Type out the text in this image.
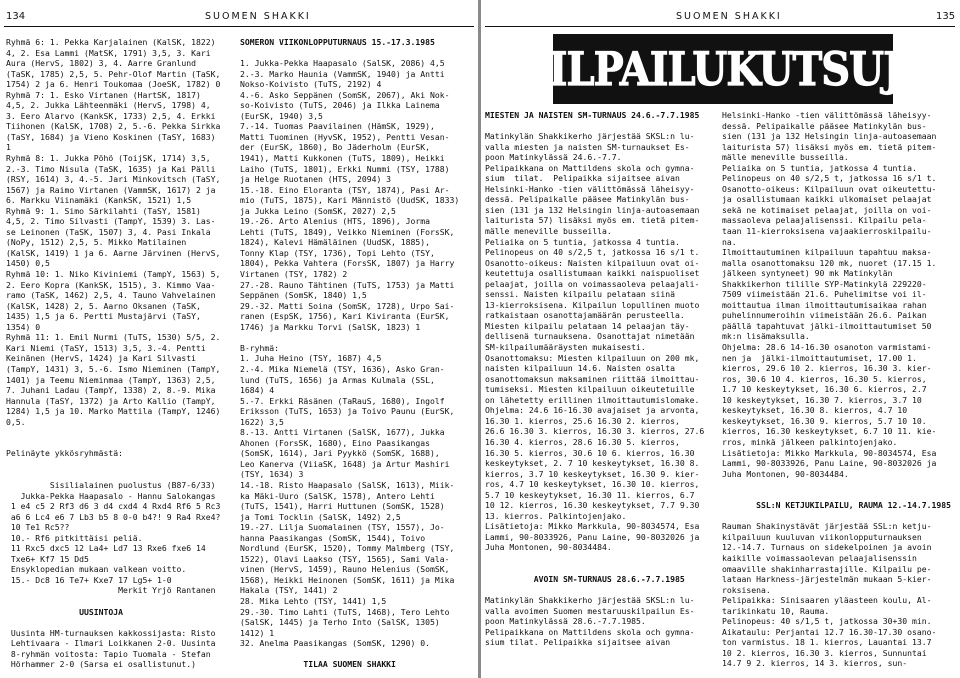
134	SUOMEN SHAKKI
Ryhmä 6: 1. Pekka Karjalainen (KalSK, 1822)
4, 2. Esa Lammi (MatSK, 1791) 3,5, 3. Kari
Aura (HervS, 1802) 3, 4. Aarre Granlund
(TaSK, 1785) 2,5, 5. Pehr-Olof Martin (TaSK,
1754) 2 ja 6. Henri Toukomaa (JoeSK, 1782) 0
Ryhmä 7: 1. Esko Virtanen (HartSK, 1817)
4,5, 2. Jukka Lähteenmäki (HervS, 1798) 4,
3. Eero Alarvo (KankSK, 1733) 2,5, 4. Erkki
Tiihonen (KalSK, 1708) 2, 5.-6. Pekka Sirkka
(TaSY, 1684) ja Vieno Koskinen (TaSY, 1683)
1
Ryhmä 8: 1. Jukka Pöhö (ToijSK, 1714) 3,5,
2.-3. Timo Nisula (TaSK, 1635) ja Kai Pälli
(RSY, 1614) 3, 4.-5. Jari Minkovitsch (TaSY,
1567) ja Raimo Virtanen (VammSK, 1617) 2 ja
6. Markku Viinamäki (KankSK, 1521) 1,5
Ryhmä 9: 1. Simo Särkilahti (TaSY, 1581)
4,5, 2. Timo Silvasti (TampY, 1539) 3. Las-
se Leinonen (TaSK, 1507) 3, 4. Pasi Inkala
(NoPy, 1512) 2,5, 5. Mikko Matilainen
(KalSK, 1419) 1 ja 6. Aarne Järvinen (HervS,
1450) 0,5
Ryhmä 10: 1. Niko Kiviniemi (TampY, 1563) 5,
2. Eero Kopra (KankSK, 1515), 3. Kimmo Vaa-
ramo (TaSK, 1462) 2,5, 4. Tauno Vahvelainen
(KalSK, 1428) 2, 5. Aarno Oksanen (TaSK,
1435) 1,5 ja 6. Pertti Mustajärvi (TaSY,
1354) 0
Ryhmä 11: 1. Emil Nurmi (TuTS, 1530) 5/5, 2.
Kari Niemi (TaSY, 1513) 3,5, 3.-4. Pentti
Keinänen (HervS, 1424) ja Kari Silvasti
(TampY, 1431) 3, 5.-6. Ismo Nieminen (TampY,
1401) ja Teemu Nieminmaa (TampY, 1363) 2,5,
7. Juhani Ladau (TampY, 1338) 2, 8.-9. Mika
Hannula (TaSY, 1372) ja Arto Kallio (TampY,
1284) 1,5 ja 10. Marko Mattila (TampY, 1246)
0,5.
Pelinäyte ykkösryhmästä:
Sisilialainen puolustus (B87-6/33)
Jukka-Pekka Haapasalo - Hannu Salokangas
1 e4 c5 2 Rf3 d6 3 d4 cxd4 4 Rxd4 Rf6 5 Rc3
a6 6 Lc4 e6 7 Lb3 b5 8 0-0 b4?! 9 Ra4 Rxe4?
10 Te1 Rc5??
10.- Rf6 pitkittäisi peliä.
11 Rxc5 dxc5 12 La4+ Ld7 13 Rxe6 fxe6 14
Txe6+ Kf7 15 Dd5
Ensyklopedian mukaan valkean voitto.
15.- Dc8 16 Te7+ Kxe7 17 Lg5+ 1-0
Merkit Yrjö Rantanen
UUSINTOJA
Uusinta HM-turnauksen kakkossijasta: Risto
Lehtivaara - Ilmari Loikkanen 2-0. Uusinta
8-ryhmän voitosta: Tapio Tuomala - Stefan
Hörhammer 2-0 (Sarsa ei osallistunut.)
SOMERON VIIKONLOPPUTURNAUS 15.-17.3.1985
1. Jukka-Pekka Haapasalo (SalSK, 2086) 4,5
2.-3. Marko Haunia (VammSK, 1940) ja Antti
Nokso-Koivisto (TuTS, 2192) 4
4.-6. Asko Seppänen (SomSK, 2067), Aki Nok-
so-Koivisto (TuTS, 2046) ja Ilkka Lainema
(EurSK, 1940) 3,5
7.-14. Tuomas Paavilainen (HämSK, 1929),
Matti Tuominen (HyvSK, 1952), Pentti Vesan-
der (EurSK, 1860), Bo Jäderholm (EurSK,
1941), Matti Kukkonen (TuTS, 1809), Heikki
Laiho (TuTS, 1801), Erkki Nummi (TSY, 1788)
ja Helge Ruotanen (HTS, 2094) 3
15.-18. Eino Eloranta (TSY, 1874), Pasi Ar-
mio (TuTS, 1875), Kari Männistö (UudSK, 1833)
ja Jukka Leino (SomSK, 2027) 2,5
19.-26. Arto Alenius (HTS, 1896), Jorma
Lehti (TuTS, 1849), Veikko Nieminen (ForsSK,
1824), Kalevi Hämäläinen (UudSK, 1885),
Tonny Klap (TSY, 1736), Topi Lehto (TSY,
1804), Pekka Vahtera (ForsSK, 1807) ja Harry
Virtanen (TSY, 1782) 2
27.-28. Rauno Tähtinen (TuTS, 1753) ja Matti
Seppänen (SomSK, 1840) 1,5
29.-32. Matti Soina (SomSK, 1728), Urpo Sai-
ranen (EspSK, 1756), Kari Kiviranta (EurSK,
1746) ja Markku Torvi (SalSK, 1823) 1
B-ryhmä:
1. Juha Heino (TSY, 1687) 4,5
2.-4. Mika Niemelä (TSY, 1636), Asko Gran-
lund (TuTS, 1656) ja Armas Kulmala (SSL,
1684) 4
5.-7. Erkki Räsänen (TaRauS, 1680), Ingolf
Eriksson (TuTS, 1653) ja Toivo Paunu (EurSK,
1622) 3,5
8.-13. Antti Virtanen (SalSK, 1677), Jukka
Ahonen (ForsSK, 1680), Eino Paasikangas
(SomSK, 1614), Jari Pyykkö (SomSK, 1688),
Leo Kanerva (ViiaSK, 1648) ja Artur Mashiri
(TSY, 1634) 3
14.-18. Risto Haapasalo (SalSK, 1613), Miik-
ka Mäki-Uuro (SalSK, 1578), Antero Lehti
(TuTS, 1541), Harri Huttunen (SomSK, 1528)
ja Tomi Tocklin (SalSK, 1492) 2,5
19.-27. Lilja Suomalainen (TSY, 1557), Jo-
hanna Paasikangas (SomSK, 1544), Toivo
Nordlund (EurSK, 1520), Tommy Malmberg (TSY,
1522), Olavi Laakso (TSY, 1565), Sami Vala-
vinen (HervS, 1459), Rauno Helenius (SomSK,
1568), Heikki Heinonen (SomSK, 1611) ja Mika
Hakala (TSY, 1441) 2
28. Mika Lehto (TSY, 1441) 1,5
29.-30. Timo Lahti (TuTS, 1468), Tero Lehto
(SalSK, 1445) ja Terho Into (SalSK, 1305)
1412) 1
32. Anelma Paasikangas (SomSK, 1290) 0.
TILAA SUOMEN SHAKKI
SUOMEN SHAKKI	135
KILPAILUKUTSUJA
MIESTEN JA NAISTEN SM-TURNAUS 24.6.-7.7.1985
Matinkylän Shakkikerho järjestää SKSL:n lu-
valla miesten ja naisten SM-turnaukset Es-
poon Matinkylässä 24.6.-7.7.
Pelipaikkana on Mattildens skola och gymna-
sium  tilat.  Pelipaikka sijaitsee aivan
Helsinki-Hanko -tien välittömässä läheisyy-
dessä. Pelipaikalle pääsee Matinkylän bus-
sien (131 ja 132 Helsingin linja-autoasemaan
laiturista 57) lisäksi myös em. tietä pitem-
mälle meneville busseilla.
Peliaika on 5 tuntia, jatkossa 4 tuntia.
Pelinopeus on 40 s/2,5 t, jatkossa 16 s/1 t.
Osanotto-oikeus: Naisten kilpailuun ovat oi-
keutettuja osallistumaan kaikki naispuoliset
pelaajat, joilla on voimassaoleva pelaajali-
senssi. Naisten kilpailu pelataan siinä
13-kierroksisena. Kilpailun lopullinen muoto
ratkaistaan osanottajamäärän perusteella.
Miesten kilpailu pelataan 14 pelaajan täy-
dellisenä turnauksena. Osanottajat nimetään
SM-kilpailumääräysten mukaisesti.
Osanottomaksu: Miesten kilpailuun on 200 mk,
naisten kilpailuun 14.6. Naisten osalta
osanottomaksun maksaminen riittää ilmoittau-
tumiseksi. Miesten kilpailuun oikeutetuille
on lähetetty erillinen ilmoittautumislomake.
Ohjelma: 24.6 16-16.30 avajaiset ja arvonta,
16.30 1. kierros, 25.6 16.30 2. kierros,
26.6 16.30 3. kierros, 16.30 3. kierros, 27.6
16.30 4. kierros, 28.6 16.30 5. kierros,
16.30 5. kierros, 30.6 10 6. kierros, 16.30
keskeytykset, 2. 7 10 keskeytykset, 16.30 8.
kierros, 3.7 10 keskeytykset, 16.30 9. kier-
ros, 4.7 10 keskeytykset, 16.30 10. kierros,
5.7 10 keskeytykset, 16.30 11. kierros, 6.7
10 12. kierros, 16.30 keskeytykset, 7.7 9.30
13. kierros. Palkintojenjako.
Lisätietoja: Mikko Markkula, 90-8034574, Esa
Lammi, 90-8033926, Panu Laine, 90-8032026 ja
Juha Montonen, 90-8034484.
AVOIN SM-TURNAUS 28.6.-7.7.1985
Matinkylän Shakkikerho järjestää SKSL:n lu-
valla avoimen Suomen mestaruuskilpailun Es-
poon Matinkylässä 28.6.-7.7.1985.
Pelipaikkana on Mattildens skola och gymna-
sium tilat. Pelipaikka sijaitsee aivan
Helsinki-Hanko -tien välittömässä läheisyy-
dessä. Pelipaikalle pääsee Matinkylän bus-
sien (131 ja 132 Helsingin linja-autoasemaan
laiturista 57) lisäksi myös em. tietä pitem-
mälle meneville busseilla.
Peliaika on 5 tuntia, jatkossa 4 tuntia.
Pelinopeus on 40 s/2,5 t, jatkossa 16 s/1 t.
Osanotto-oikeus: Kilpailuun ovat oikeutettu-
ja osallistumaan kaikki ulkomaiset pelaajat
sekä ne kotimaiset pelaajat, joilla on voi-
massaoleva pelaajalisenssi. Kilpailu pela-
taan 11-kierroksisena vajaakierroskilpailu-
na.
Ilmoittautuminen kilpailuun tapahtuu maksa-
malla osanottomaksu 120 mk, nuoret (17.15 1.
jälkeen syntyneet) 90 mk Matinkylän
Shakkikerhon tilille SYP-Matinkylä 229220-
7509 viimeistään 21.6. Puhelimitse voi il-
moittautua ilman ilmoittautumisaikaa rahan
puhelinnumeroihin viimeistään 26.6. Paikan
päällä tapahtuvat jälki-ilmoittautumiset 50
mk:n lisämaksulla.
Ohjelma: 28.6 14-16.30 osanoton varmistami-
nen ja  jälki-ilmoittautumiset, 17.00 1.
kierros, 29.6 10 2. kierros, 16.30 3. kier-
ros, 30.6 10 4. kierros, 16.30 5. kierros,
1.7 10 keskeytykset, 16.30 6. kierros, 2.7
10 keskeytykset, 16.30 7. kierros, 3.7 10
keskeytykset, 16.30 8. kierros, 4.7 10
keskeytykset, 16.30 9. kierros, 5.7 10 10.
kierros, 16.30 keskeytykset, 6.7 10 11. kie-
rros, minkä jälkeen palkintojenjako.
Lisätietoja: Mikko Markkula, 90-8034574, Esa
Lammi, 90-8033926, Panu Laine, 90-8032026 ja
Juha Montonen, 90-8034484.
SSL:N KETJUKILPAILU, RAUMA 12.-14.7.1985
Rauman Shakinystävät järjestää SSL:n ketju-
kilpailuun kuuluvan viikonlopputurnauksen
12.-14.7. Turnaus on sidekelpoinen ja avoin
kaikille voimassaolevan pelaajalisenssin
omaaville shakinharrastajille. Kilpailu pe-
lataan Harkness-järjestelmän mukaan 5-kier-
roksisena.
Pelipaikka: Sinisaaren yläasteen koulu, Al-
tarikinkatu 10, Rauma.
Pelinopeus: 40 s/1,5 t, jatkossa 30+30 min.
Aikataulu: Perjantai 12.7 16.30-17.30 osano-
ton varmistus. 18 1. kierros, Lauantai 13.7
10 2. kierros, 16.30 3. kierros, Sunnuntai
14.7 9 2. kierros, 14 3. kierros, sun-
